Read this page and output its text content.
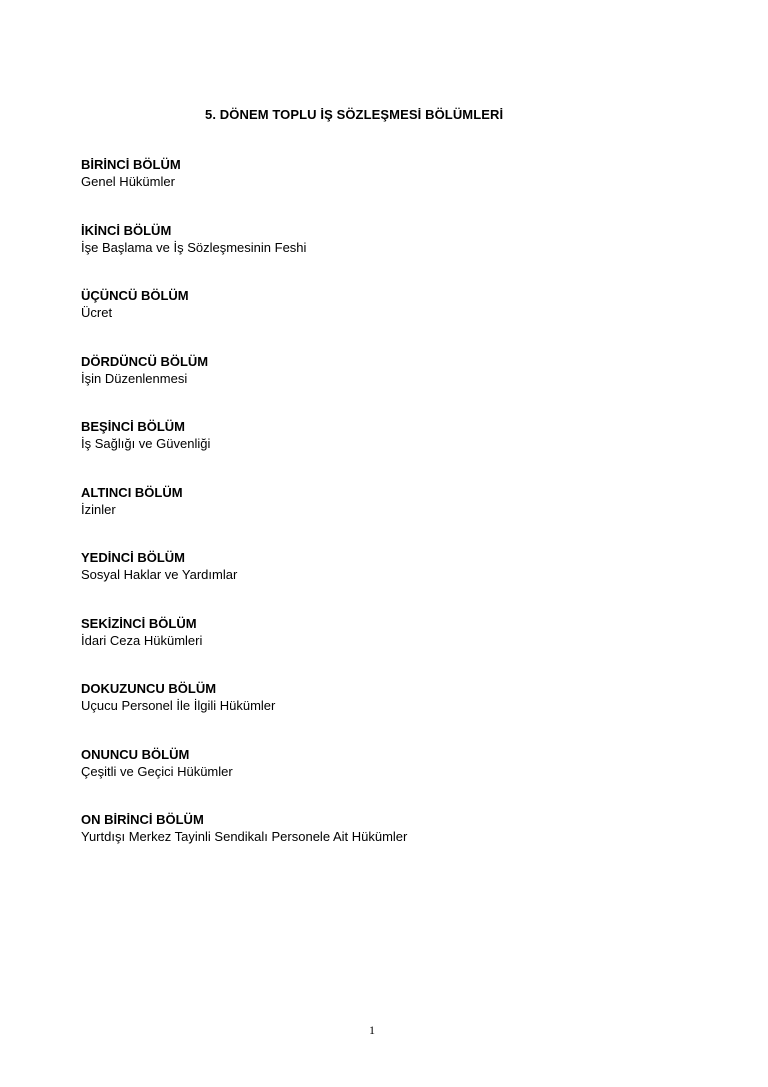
5. DÖNEM TOPLU İŞ SÖZLEŞMESİ BÖLÜMLERİ
BİRİNCİ BÖLÜM
Genel Hükümler
İKİNCİ BÖLÜM
İşe Başlama ve İş Sözleşmesinin Feshi
ÜÇÜNCÜ BÖLÜM
Ücret
DÖRDÜNCÜ BÖLÜM
İşin Düzenlenmesi
BEŞİNCİ BÖLÜM
İş Sağlığı ve Güvenliği
ALTINCI BÖLÜM
İzinler
YEDİNCİ BÖLÜM
Sosyal Haklar ve Yardımlar
SEKİZİNCİ BÖLÜM
İdari Ceza Hükümleri
DOKUZUNCU BÖLÜM
Uçucu Personel İle İlgili Hükümler
ONUNCU BÖLÜM
Çeşitli ve Geçici Hükümler
ON BİRİNCİ BÖLÜM
Yurtdışı Merkez Tayinli Sendikalı Personele Ait Hükümler
1
